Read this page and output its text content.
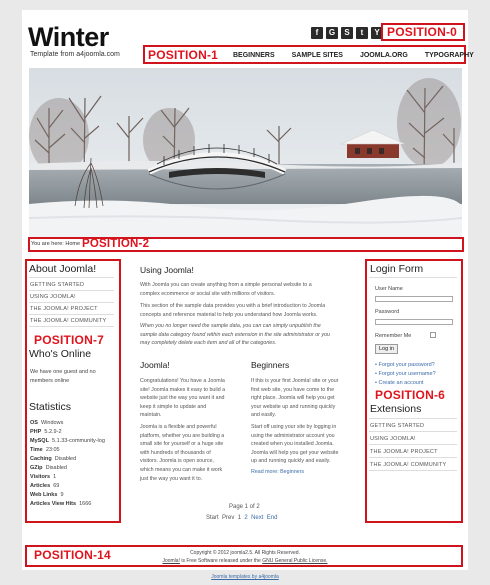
Winter
Template from a4joomla.com
f	G	S	t	Y POSITION-0
POSITION-1 BEGINNERS SAMPLE SITES JOOMLA.ORG TYPOGRAPHY
You are here: Home POSITION-2
About Joomla!
GETTING STARTED
USING JOOMLA!
THE JOOMLA! PROJECT
THE JOOMLA! COMMUNITY
POSITION-7
Who's Online
We have one guest and no
members online
Statistics
OS Windows
PHP 5.2.9-2
MySQL 5.1.33-community-log
Time 23:05
Caching Disabled
GZip Disabled
Visitors 1
Articles 69
Web Links 9
Articles View Hits 1666
Using Joomla!
With Joomla you can create anything from a simple personal website to a
complex ecommerce or social site with millions of visitors.
This section of the sample data provides you with a brief introduction to Joomla
concepts and reference material to help you understand how Joomla works.
When you no longer need the sample data, you can can simply unpublish the
sample data category found within each extension in the site administrator or you
may completely delete each item and all of the categories.
Joomla!
Congratulations! You have a Joomla
site! Joomla makes it easy to build a
website just the way you want it and
keep it simple to update and
maintain.
Joomla is a flexible and powerful
platform, whether you are building a
small site for yourself or a huge site
with hundreds of thousands of
visitors. Joomla is open source,
which means you can make it work
just the way you want it to.
Beginners
If this is your first Joomla! site or your
first web site, you have come to the
right place. Joomla will help you get
your website up and running quickly
and easily.
Start off using your site by logging in
using the administrator account you
created when you installed Joomla.
Joomla will help you get your website
up and running quickly and easily.
Read more: Beginners
Page 1 of 2
Start Prev 1 2 Next End
Login Form
User Name
Password
Remember Me
Log in
• Forgot your password?
• Forgot your username?
• Create an account
POSITION-6
Extensions
GETTING STARTED
USING JOOMLA!
THE JOOMLA! PROJECT
THE JOOMLA! COMMUNITY
POSITION-14	Copyright © 2012 joomla2.5. All Rights Reserved.
Joomla! is Free Software released under the GNU General Public License.
Joomla templates by a4joomla
